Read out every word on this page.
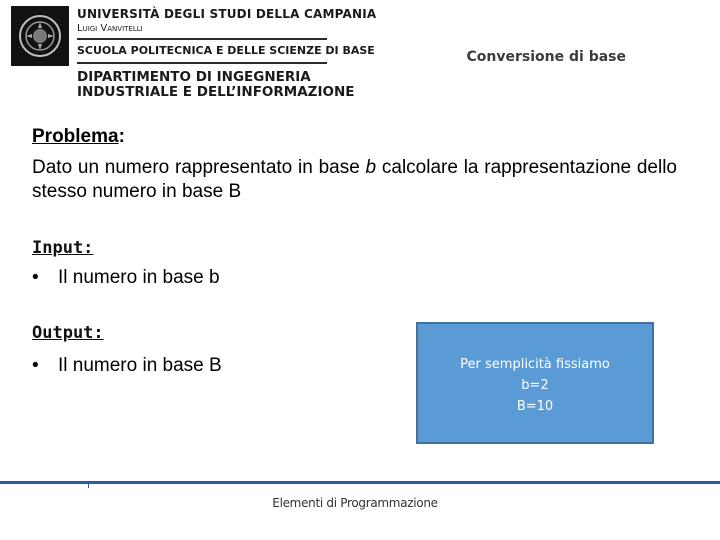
UNIVERSITÀ DEGLI STUDI DELLA CAMPANIA
Luigi Vanvitelli
SCUOLA POLITECNICA E DELLE SCIENZE DI BASE
DIPARTIMENTO DI INGEGNERIA
INDUSTRIALE E DELL’INFORMAZIONE
Conversione di base
Problema:
Dato un numero rappresentato in base b calcolare la rappresentazione dello stesso numero in base B
Input:
• Il numero in base b
Output:
• Il numero in base B	Per semplicità fissiamo
b=2
B=10
Elementi di Programmazione
